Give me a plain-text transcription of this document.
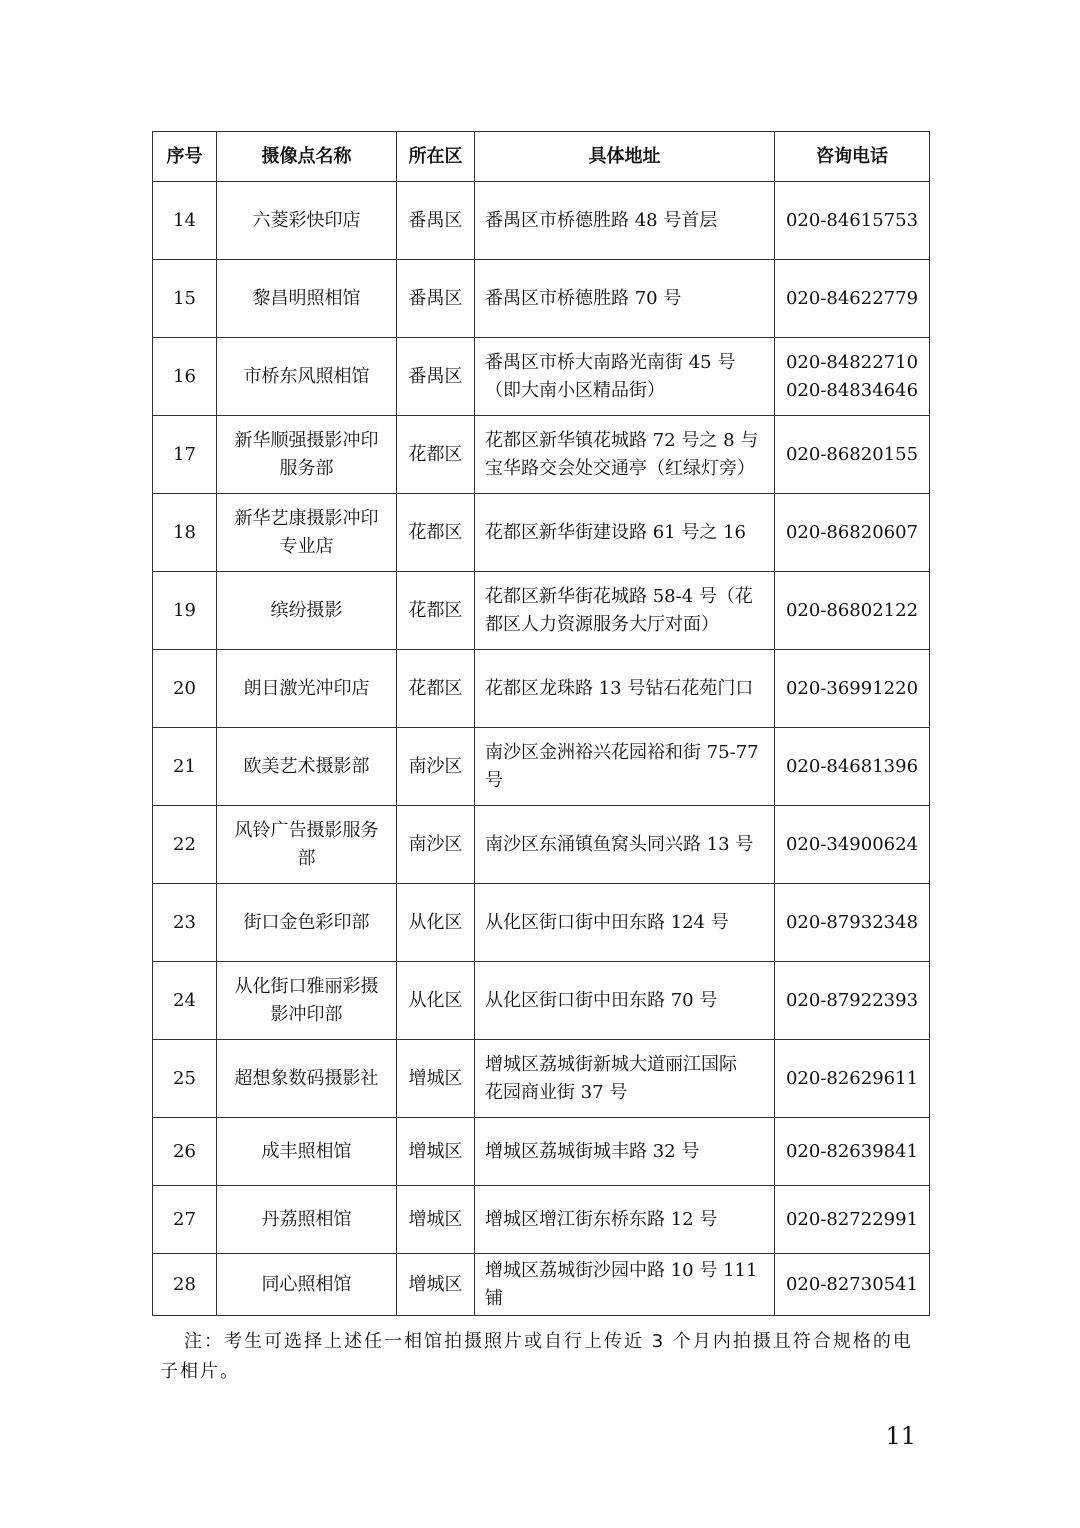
序号	摄像点名称	所在区	具体地址	咨询电话
14	六菱彩快印店	番禺区	番禺区市桥德胜路 48 号首层	020-84615753
15	黎昌明照相馆	番禺区	番禺区市桥德胜路 70 号	020-84622779
16	市桥东风照相馆	番禺区	番禺区市桥大南路光南街 45 号
（即大南小区精品街）	020-84822710
020-84834646
17	新华顺强摄影冲印
服务部	花都区	花都区新华镇花城路 72 号之 8 与
宝华路交会处交通亭（红绿灯旁）	020-86820155
18	新华艺康摄影冲印
专业店	花都区	花都区新华街建设路 61 号之 16	020-86820607
19	缤纷摄影	花都区	花都区新华街花城路 58-4 号（花
都区人力资源服务大厅对面）	020-86802122
20	朗日激光冲印店	花都区	花都区龙珠路 13 号钻石花苑门口	020-36991220
21	欧美艺术摄影部	南沙区	南沙区金洲裕兴花园裕和街 75-77
号	020-84681396
22	风铃广告摄影服务
部	南沙区	南沙区东涌镇鱼窝头同兴路 13 号	020-34900624
23	街口金色彩印部	从化区	从化区街口街中田东路 124 号	020-87932348
24	从化街口雅丽彩摄
影冲印部	从化区	从化区街口街中田东路 70 号	020-87922393
25	超想象数码摄影社	增城区	增城区荔城街新城大道丽江国际
花园商业街 37 号	020-82629611
26	成丰照相馆	增城区	增城区荔城街城丰路 32 号	020-82639841
27	丹荔照相馆	增城区	增城区增江街东桥东路 12 号	020-82722991
28	同心照相馆	增城区	增城区荔城街沙园中路 10 号 111
铺	020-82730541
注：考生可选择上述任一相馆拍摄照片或自行上传近 3 个月内拍摄且符合规格的电子相片。
11
